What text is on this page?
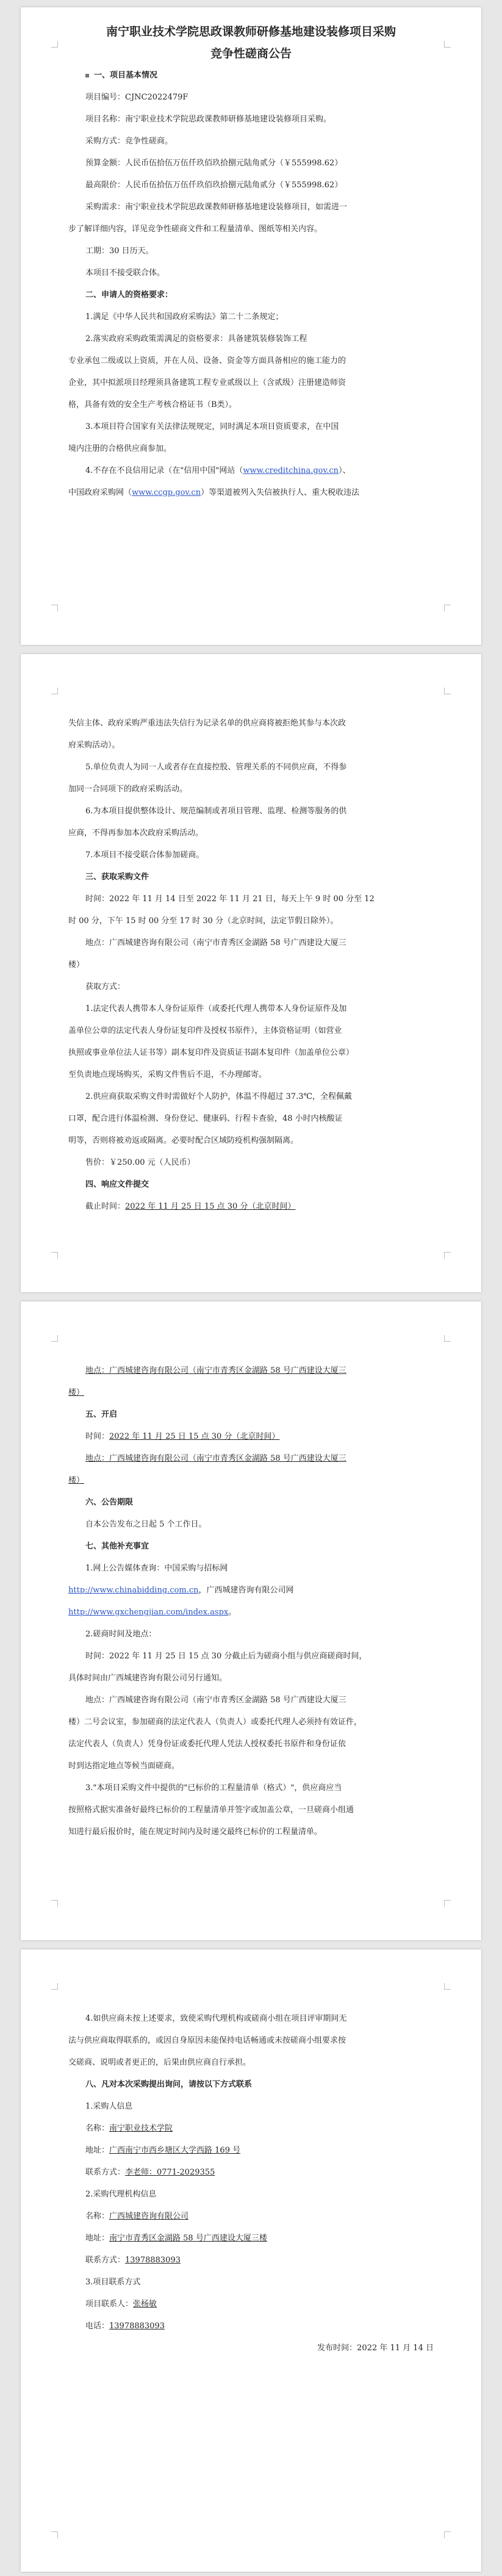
南宁职业技术学院思政课教师研修基地建设装修项目采购

竞争性磋商公告

一、项目基本情况

项目编号：CJNC2022479F

项目名称：南宁职业技术学院思政课教师研修基地建设装修项目采购。

采购方式：竞争性磋商。

预算金额：人民币伍拾伍万伍仟玖佰玖拾捌元陆角贰分（￥555998.62）

最高限价：人民币伍拾伍万伍仟玖佰玖拾捌元陆角贰分（￥555998.62）

采购需求：南宁职业技术学院思政课教师研修基地建设装修项目，如需进一

步了解详细内容，详见竞争性磋商文件和工程量清单、图纸等相关内容。

工期：30 日历天。

本项目不接受联合体。

二、申请人的资格要求：

1.满足《中华人民共和国政府采购法》第二十二条规定；

2.落实政府采购政策需满足的资格要求：具备建筑装修装饰工程

专业承包二级或以上资质，并在人员、设备、资金等方面具备相应的施工能力的

企业，其中拟派项目经理须具备建筑工程专业贰级以上（含贰级）注册建造师资

格，具备有效的安全生产考核合格证书（B类）。

3.本项目符合国家有关法律法规规定，同时满足本项目资质要求，在中国

境内注册的合格供应商参加。

4.不存在不良信用记录（在"信用中国"网站（www.creditchina.gov.cn）、

中国政府采购网（www.ccgp.gov.cn）等渠道被列入失信被执行人、重大税收违法

失信主体、政府采购严重违法失信行为记录名单的供应商将被拒绝其参与本次政

府采购活动）。

5.单位负责人为同一人或者存在直接控股、管理关系的不同供应商，不得参

加同一合同项下的政府采购活动。

6.为本项目提供整体设计、规范编制或者项目管理、监理、检测等服务的供

应商，不得再参加本次政府采购活动。

7.本项目不接受联合体参加磋商。

三、获取采购文件

时间：2022 年 11 月 14 日至 2022 年 11 月 21 日，每天上午 9 时 00 分至 12

时 00 分，下午 15 时 00 分至 17 时 30 分（北京时间，法定节假日除外）。

地点：广西城建咨询有限公司（南宁市青秀区金湖路 58 号广西建设大厦三

楼）

获取方式：

1.法定代表人携带本人身份证原件（或委托代理人携带本人身份证原件及加

盖单位公章的法定代表人身份证复印件及授权书原件），主体资格证明（如营业

执照或事业单位法人证书等）副本复印件及资质证书副本复印件（加盖单位公章）

至负责地点现场购买，采购文件售后不退，不办理邮寄。

2.供应商获取采购文件时需做好个人防护，体温不得超过 37.3℃，全程佩戴

口罩，配合进行体温检测、身份登记、健康码、行程卡查验，48 小时内核酸证

明等，否则将被劝返或隔离。必要时配合区域防疫机构强制隔离。

售价：￥250.00 元（人民币）

四、响应文件提交

截止时间：2022 年 11 月 25 日 15 点 30 分（北京时间）

地点：广西城建咨询有限公司（南宁市青秀区金湖路 58 号广西建设大厦三

楼）

五、开启

时间：2022 年 11 月 25 日 15 点 30 分（北京时间）

地点：广西城建咨询有限公司（南宁市青秀区金湖路 58 号广西建设大厦三

楼）

六、公告期限

自本公告发布之日起 5 个工作日。

七、其他补充事宜

1.网上公告媒体查询：中国采购与招标网

http://www.chinabidding.com.cn，广西城建咨询有限公司网

http://www.gxchengjian.com/index.aspx。

2.磋商时间及地点：

时间：2022 年 11 月 25 日 15 点 30 分截止后为磋商小组与供应商磋商时间，

具体时间由广西城建咨询有限公司另行通知。

地点：广西城建咨询有限公司（南宁市青秀区金湖路 58 号广西建设大厦三

楼）二号会议室，参加磋商的法定代表人（负责人）或委托代理人必须持有效证件，

法定代表人（负责人）凭身份证或委托代理人凭法人授权委托书原件和身份证依

时到达指定地点等候当面磋商。

3."本项目采购文件中提供的"已标价的工程量清单（格式）"，供应商应当

按照格式据实准备好最终已标价的工程量清单并签字或加盖公章，一旦磋商小组通

知进行最后报价时，能在规定时间内及时递交最终已标价的工程量清单。

4.如供应商未按上述要求，致使采购代理机构或磋商小组在项目评审期间无

法与供应商取得联系的，或因自身原因未能保持电话畅通或未按磋商小组要求按

交磋商、说明或者更正的，后果由供应商自行承担。

八、凡对本次采购提出询问，请按以下方式联系

1.采购人信息

名称：南宁职业技术学院

地址：广西南宁市西乡塘区大学西路 169 号

联系方式：李老师：0771-2029355

2.采购代理机构信息

名称：广西城建咨询有限公司

地址：南宁市青秀区金湖路 58 号广西建设大厦三楼

联系方式：13978883093

3.项目联系方式

项目联系人：张杨敏

电话：13978883093

发布时间：2022 年 11 月 14 日
